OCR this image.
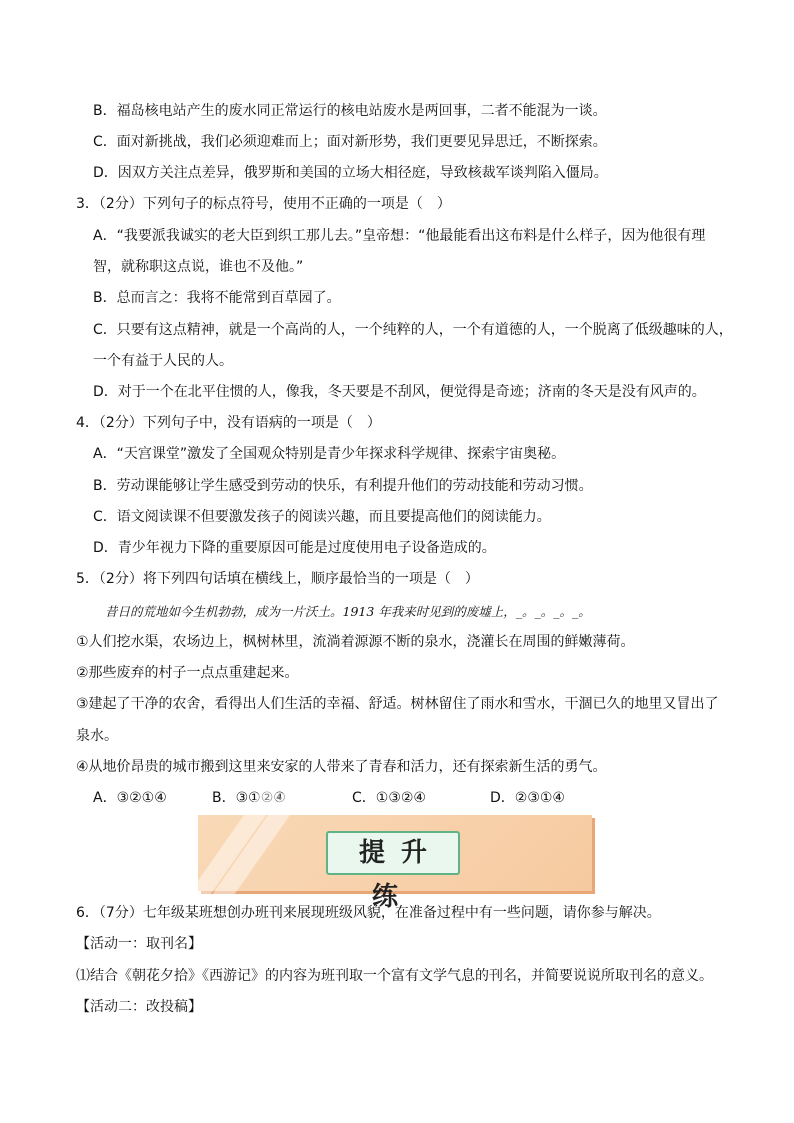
B．福岛核电站产生的废水同正常运行的核电站废水是两回事，二者不能混为一谈。
C．面对新挑战，我们必须迎难而上；面对新形势，我们更要见异思迁，不断探索。
D．因双方关注点差异，俄罗斯和美国的立场大相径庭，导致核裁军谈判陷入僵局。
3．（2分）下列句子的标点符号，使用不正确的一项是（　）
A．“我要派我诚实的老大臣到织工那儿去。”皇帝想：“他最能看出这布料是什么样子，因为他很有理
智，就称职这点说，谁也不及他。”
B．总而言之：我将不能常到百草园了。
C．只要有这点精神，就是一个高尚的人，一个纯粹的人，一个有道德的人，一个脱离了低级趣味的人，
一个有益于人民的人。
D．对于一个在北平住惯的人，像我，冬天要是不刮风，便觉得是奇迹；济南的冬天是没有风声的。
4．（2分）下列句子中，没有语病的一项是（　）
A．“天宫课堂”激发了全国观众特别是青少年探求科学规律、探索宇宙奥秘。
B．劳动课能够让学生感受到劳动的快乐，有利提升他们的劳动技能和劳动习惯。
C．语文阅读课不但要激发孩子的阅读兴趣，而且要提高他们的阅读能力。
D．青少年视力下降的重要原因可能是过度使用电子设备造成的。
5．（2分）将下列四句话填在横线上，顺序最恰当的一项是（　）
昔日的荒地如今生机勃勃，成为一片沃土。1913 年我来时见到的废墟上，_。_。_。_。
①人们挖水渠，农场边上，枫树林里，流淌着源源不断的泉水，浇灌长在周围的鲜嫩薄荷。
②那些废弃的村子一点点重建起来。
③建起了干净的农舍，看得出人们生活的幸福、舒适。树林留住了雨水和雪水，干涸已久的地里又冒出了
泉水。
④从地价昂贵的城市搬到这里来安家的人带来了青春和活力，还有探索新生活的勇气。
A．③②①④	B．③①②④	C．①③②④	D．②③①④
提升练
6．（7分）七年级某班想创办班刊来展现班级风貌，在准备过程中有一些问题，请你参与解决。
【活动一：取刊名】
⑴结合《朝花夕拾》《西游记》的内容为班刊取一个富有文学气息的刊名，并简要说说所取刊名的意义。
【活动二：改投稿】
